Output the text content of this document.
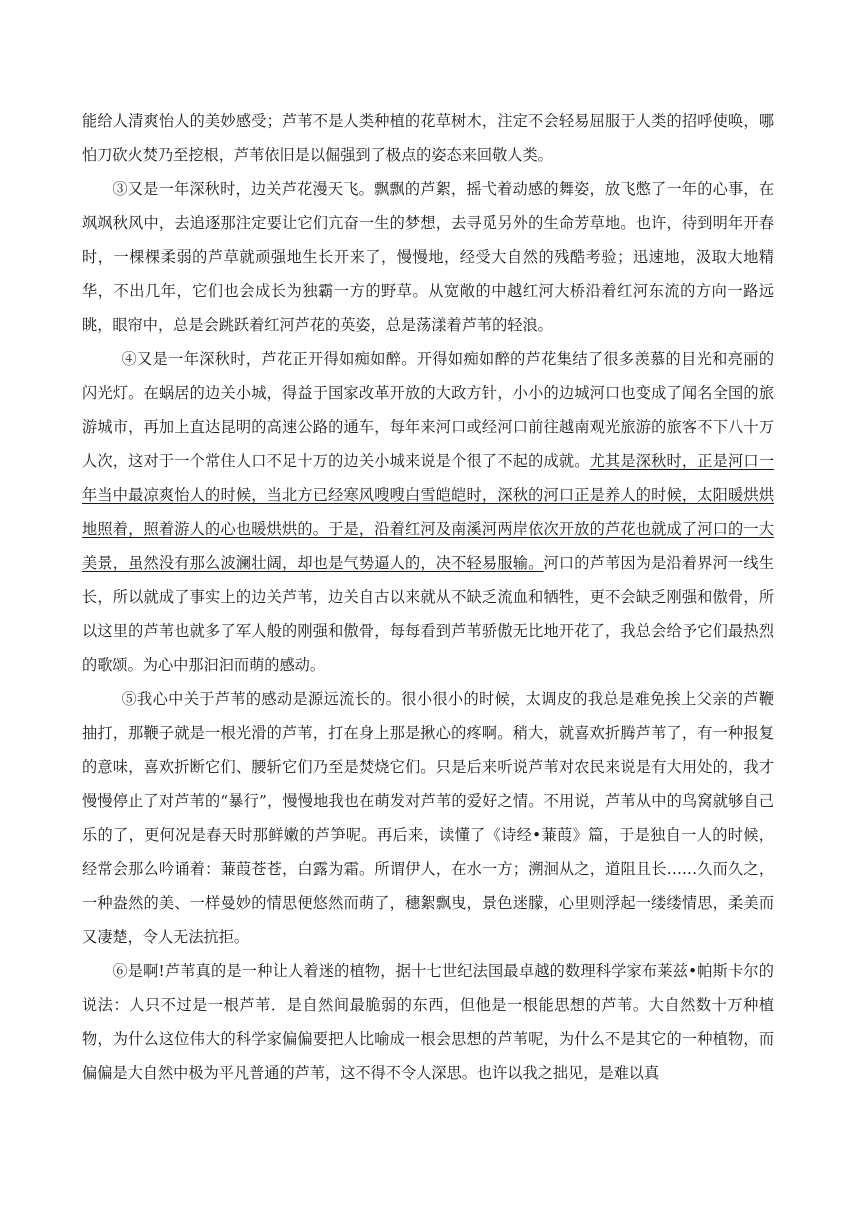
能给人清爽怡人的美妙感受；芦苇不是人类种植的花草树木，注定不会轻易屈服于人类的招呼使唤，哪怕刀砍火焚乃至挖根，芦苇依旧是以倔强到了极点的姿态来回敬人类。

③又是一年深秋时，边关芦花漫天飞。飘飘的芦絮，摇弋着动感的舞姿，放飞憋了一年的心事，在飒飒秋风中，去追逐那注定要让它们亢奋一生的梦想，去寻觅另外的生命芳草地。也许，待到明年开春时，一棵棵柔弱的芦草就顽强地生长开来了，慢慢地，经受大自然的残酷考验；迅速地，汲取大地精华，不出几年，它们也会成长为独霸一方的野草。从宽敞的中越红河大桥沿着红河东流的方向一路远眺，眼帘中，总是会跳跃着红河芦花的英姿，总是荡漾着芦苇的轻浪。

④又是一年深秋时，芦花正开得如痴如醉。开得如痴如醉的芦花集结了很多羡慕的目光和亮丽的闪光灯。在蜗居的边关小城，得益于国家改革开放的大政方针，小小的边城河口也变成了闻名全国的旅游城市，再加上直达昆明的高速公路的通车，每年来河口或经河口前往越南观光旅游的旅客不下八十万人次，这对于一个常住人口不足十万的边关小城来说是个很了不起的成就。尤其是深秋时，正是河口一年当中最凉爽怡人的时候，当北方已经寒风嗖嗖白雪皑皑时，深秋的河口正是养人的时候，太阳暖烘烘地照着，照着游人的心也暖烘烘的。于是，沿着红河及南溪河两岸依次开放的芦花也就成了河口的一大美景，虽然没有那么波澜壮阔，却也是气势逼人的，决不轻易服输。河口的芦苇因为是沿着界河一线生长，所以就成了事实上的边关芦苇，边关自古以来就从不缺乏流血和牺牲，更不会缺乏刚强和傲骨，所以这里的芦苇也就多了军人般的刚强和傲骨，每每看到芦苇骄傲无比地开花了，我总会给予它们最热烈的歌颂。为心中那汩汩而萌的感动。

⑤我心中关于芦苇的感动是源远流长的。很小很小的时候，太调皮的我总是难免挨上父亲的芦鞭抽打，那鞭子就是一根光滑的芦苇，打在身上那是揪心的疼啊。稍大，就喜欢折腾芦苇了，有一种报复的意味，喜欢折断它们、腰斩它们乃至是焚烧它们。只是后来听说芦苇对农民来说是有大用处的，我才慢慢停止了对芦苇的“暴行”，慢慢地我也在萌发对芦苇的爱好之情。不用说，芦苇从中的鸟窝就够自己乐的了，更何况是春天时那鲜嫩的芦笋呢。再后来，读懂了《诗经•蒹葭》篇，于是独自一人的时候，经常会那么吟诵着：蒹葭苍苍，白露为霜。所谓伊人，在水一方；溯洄从之，道阻且长……久而久之，一种盎然的美、一样曼妙的情思便悠然而萌了，穗絮飘曳，景色迷朦，心里则浮起一缕缕情思，柔美而又凄楚，令人无法抗拒。

⑥是啊!芦苇真的是一种让人着迷的植物，据十七世纪法国最卓越的数理科学家布莱兹•帕斯卡尔的说法：人只不过是一根芦苇．是自然间最脆弱的东西，但他是一根能思想的芦苇。大自然数十万种植物，为什么这位伟大的科学家偏偏要把人比喻成一根会思想的芦苇呢，为什么不是其它的一种植物，而偏偏是大自然中极为平凡普通的芦苇，这不得不令人深思。也许以我之拙见，是难以真
